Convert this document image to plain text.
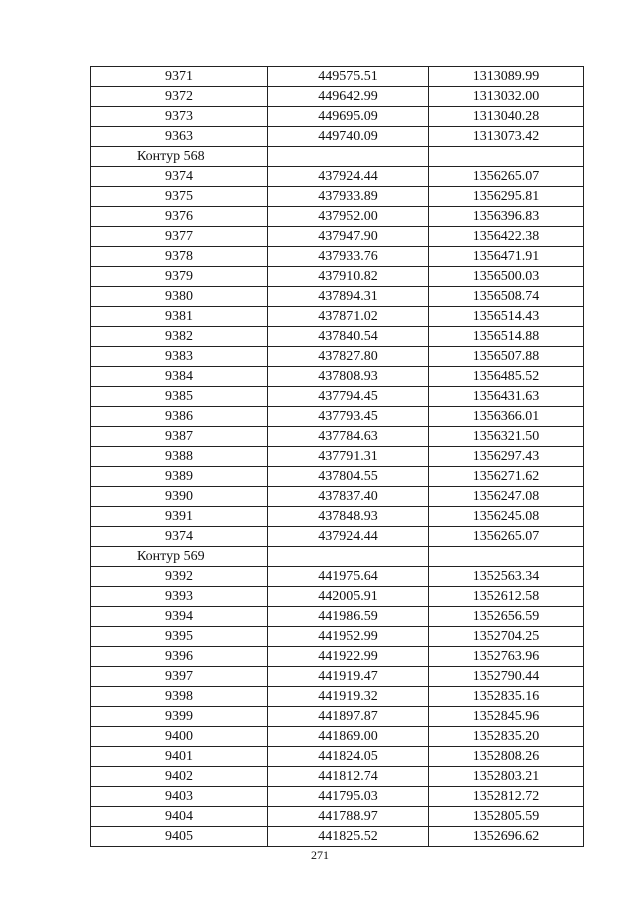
9371	449575.51	1313089.99
9372	449642.99	1313032.00
9373	449695.09	1313040.28
9363	449740.09	1313073.42
Контур 568		
9374	437924.44	1356265.07
9375	437933.89	1356295.81
9376	437952.00	1356396.83
9377	437947.90	1356422.38
9378	437933.76	1356471.91
9379	437910.82	1356500.03
9380	437894.31	1356508.74
9381	437871.02	1356514.43
9382	437840.54	1356514.88
9383	437827.80	1356507.88
9384	437808.93	1356485.52
9385	437794.45	1356431.63
9386	437793.45	1356366.01
9387	437784.63	1356321.50
9388	437791.31	1356297.43
9389	437804.55	1356271.62
9390	437837.40	1356247.08
9391	437848.93	1356245.08
9374	437924.44	1356265.07
Контур 569		
9392	441975.64	1352563.34
9393	442005.91	1352612.58
9394	441986.59	1352656.59
9395	441952.99	1352704.25
9396	441922.99	1352763.96
9397	441919.47	1352790.44
9398	441919.32	1352835.16
9399	441897.87	1352845.96
9400	441869.00	1352835.20
9401	441824.05	1352808.26
9402	441812.74	1352803.21
9403	441795.03	1352812.72
9404	441788.97	1352805.59
9405	441825.52	1352696.62
271
